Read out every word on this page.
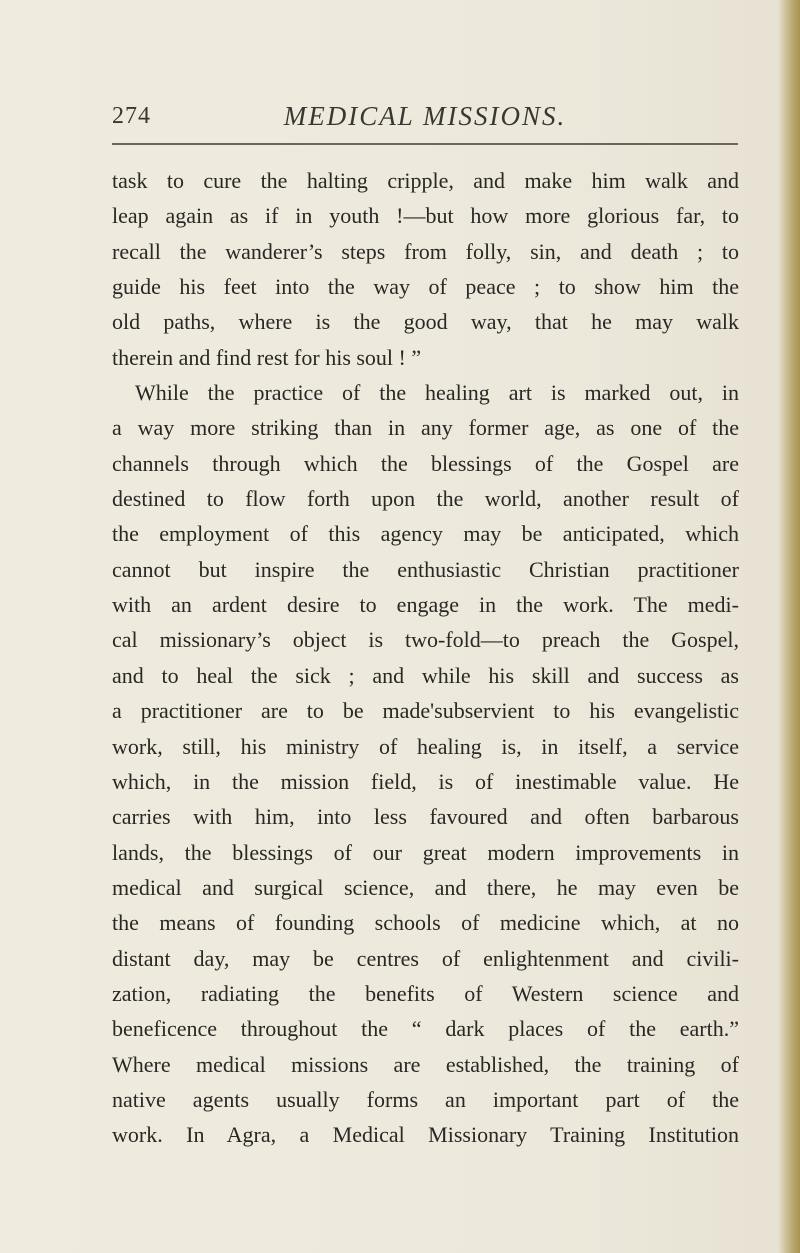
274	MEDICAL MISSIONS.
task to cure the halting cripple, and make him walk and
leap again as if in youth !—but how more glorious far, to
recall the wanderer’s steps from folly, sin, and death ; to
guide his feet into the way of peace ; to show him the
old paths, where is the good way, that he may walk
therein and find rest for his soul ! ”
While the practice of the healing art is marked out, in
a way more striking than in any former age, as one of the
channels through which the blessings of the Gospel are
destined to flow forth upon the world, another result of
the employment of this agency may be anticipated, which
cannot but inspire the enthusiastic Christian practitioner
with an ardent desire to engage in the work. The medi-
cal missionary’s object is two-fold—to preach the Gospel,
and to heal the sick ; and while his skill and success as
a practitioner are to be made'subservient to his evangelistic
work, still, his ministry of healing is, in itself, a service
which, in the mission field, is of inestimable value. He
carries with him, into less favoured and often barbarous
lands, the blessings of our great modern improvements in
medical and surgical science, and there, he may even be
the means of founding schools of medicine which, at no
distant day, may be centres of enlightenment and civili-
zation, radiating the benefits of Western science and
beneficence throughout the “ dark places of the earth.”
Where medical missions are established, the training of
native agents usually forms an important part of the
work. In Agra, a Medical Missionary Training Institution
